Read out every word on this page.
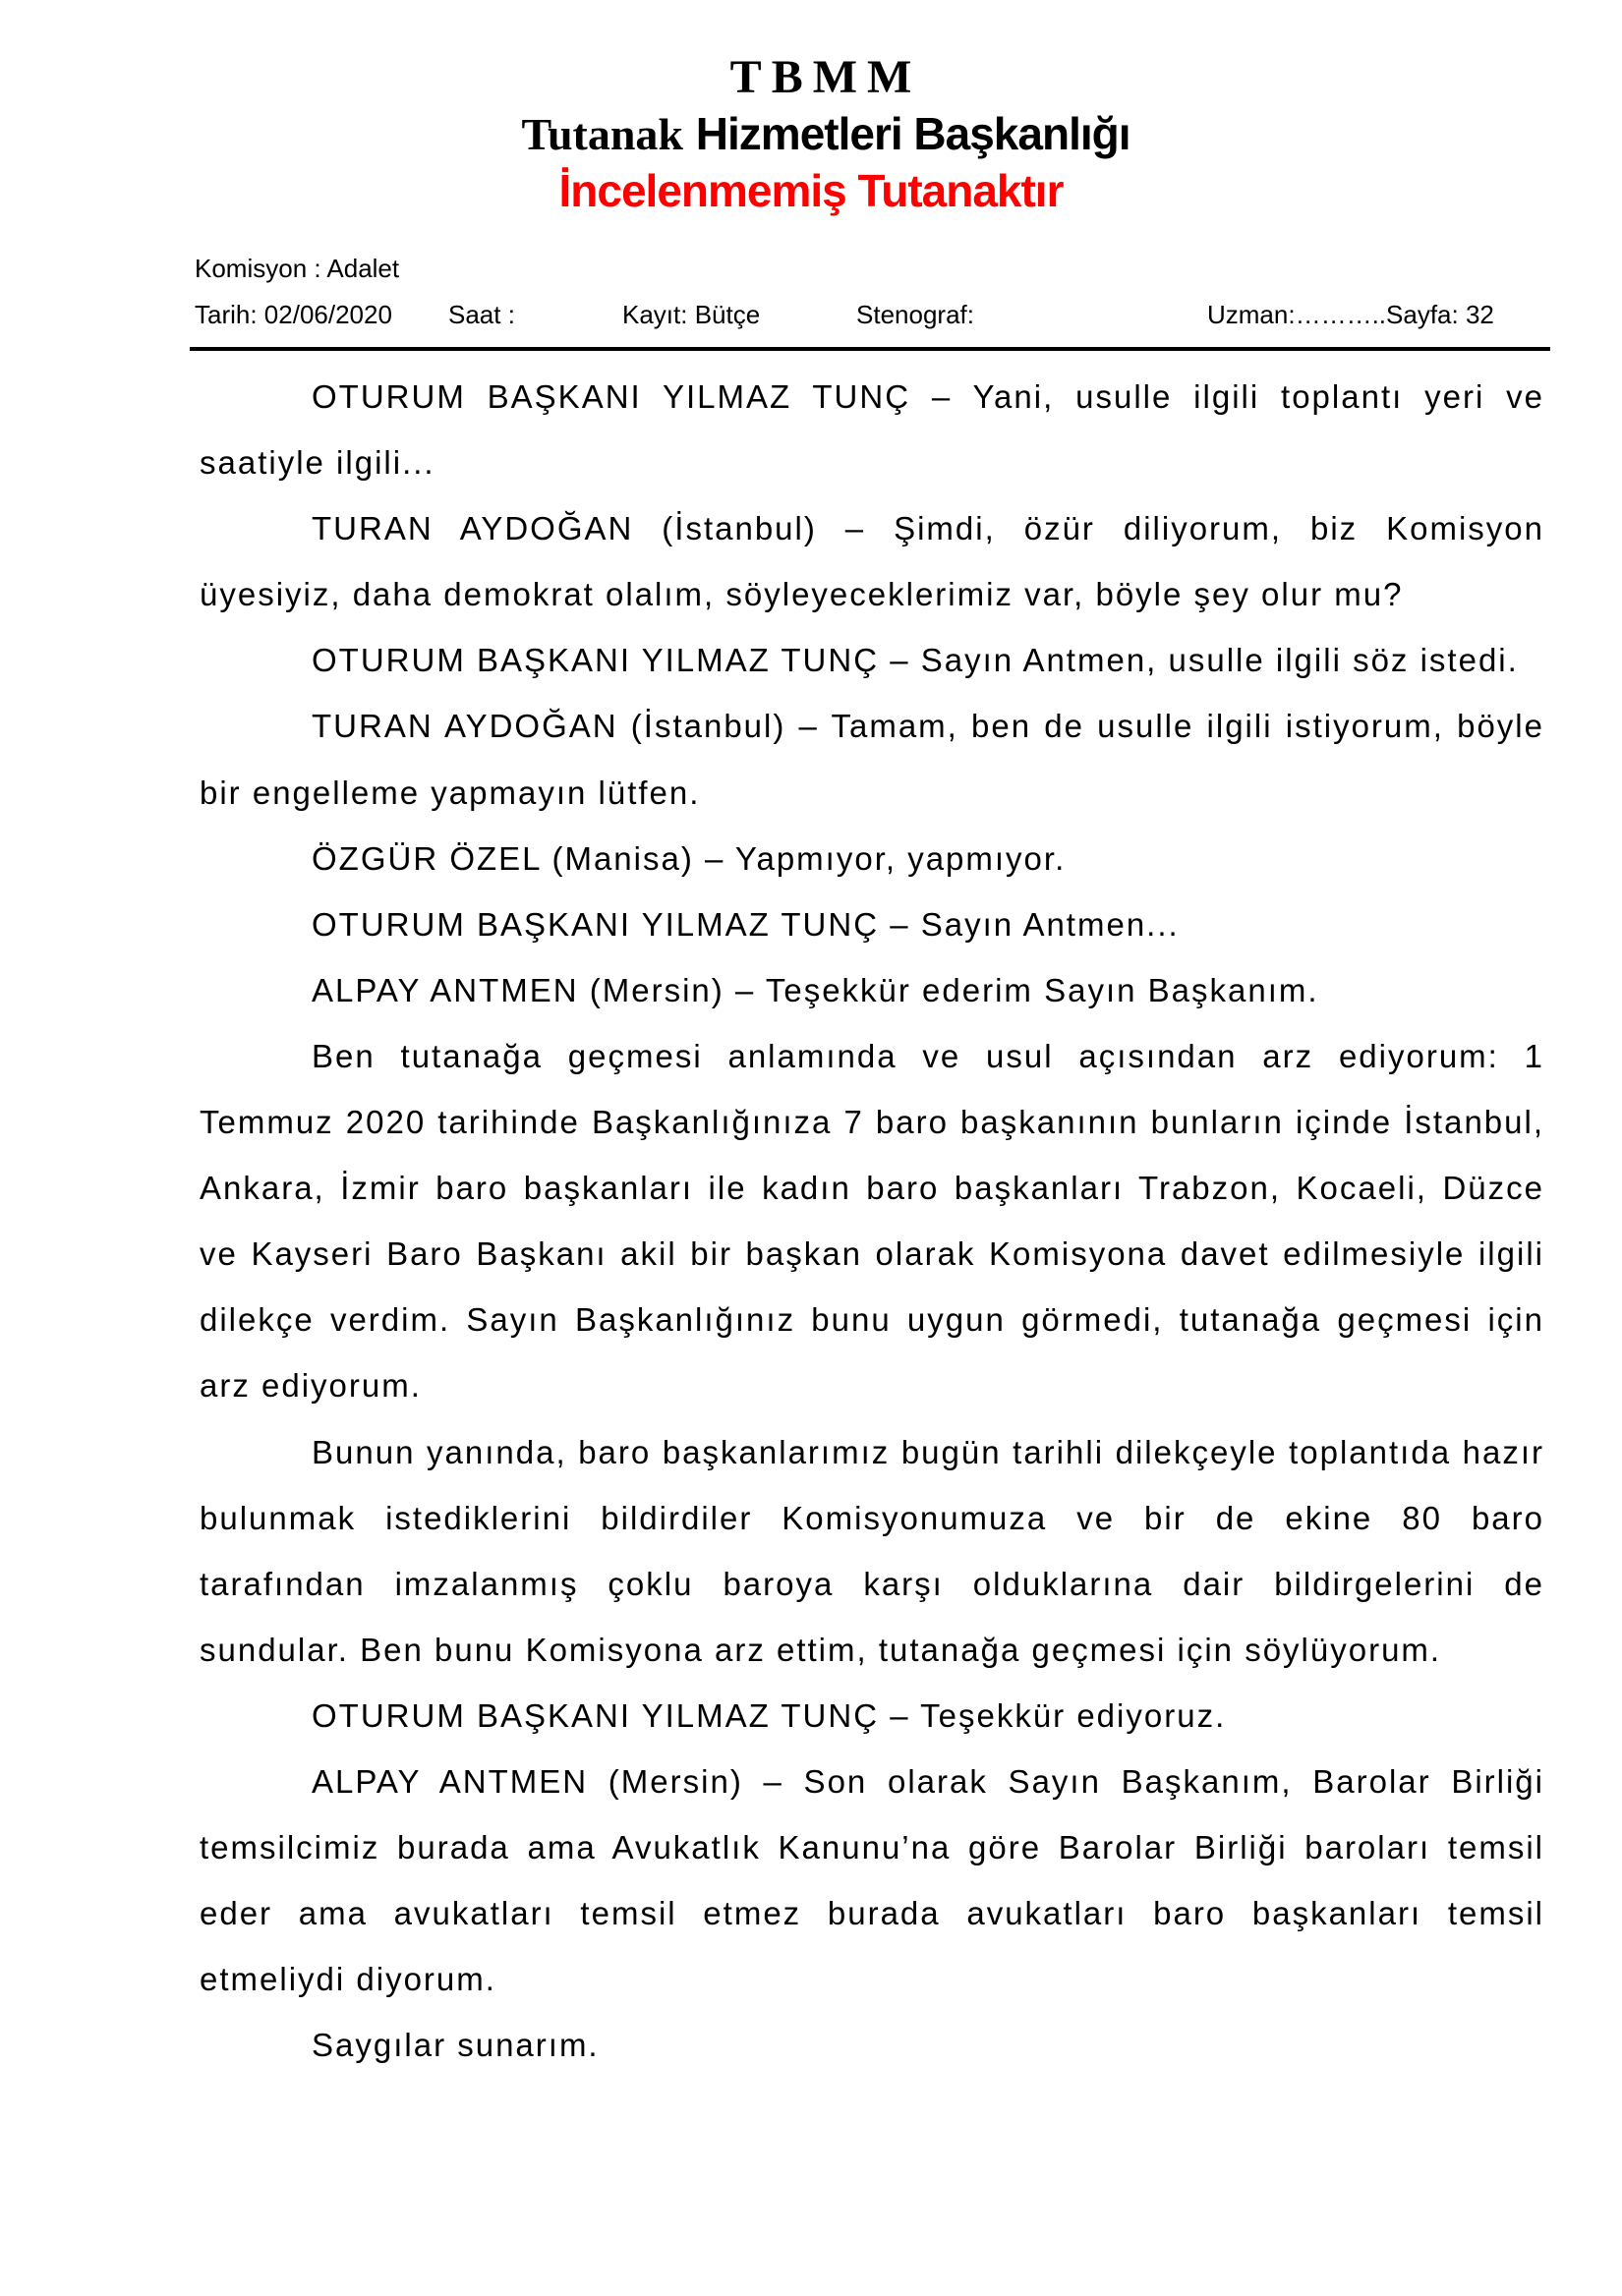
TBMM
Tutanak Hizmetleri Başkanlığı
İncelenmemiş Tutanaktır
Komisyon : Adalet
Tarih: 02/06/2020 Saat :	Kayıt: Bütçe	Stenograf:	Uzman:………..Sayfa: 32

OTURUM BAŞKANI YILMAZ TUNÇ – Yani, usulle ilgili toplantı yeri ve saatiyle ilgili...

TURAN AYDOĞAN (İstanbul) – Şimdi, özür diliyorum, biz Komisyon üyesiyiz, daha demokrat olalım, söyleyeceklerimiz var, böyle şey olur mu?

OTURUM BAŞKANI YILMAZ TUNÇ – Sayın Antmen, usulle ilgili söz istedi.

TURAN AYDOĞAN (İstanbul) – Tamam, ben de usulle ilgili istiyorum, böyle bir engelleme yapmayın lütfen.

ÖZGÜR ÖZEL (Manisa) – Yapmıyor, yapmıyor.

OTURUM BAŞKANI YILMAZ TUNÇ – Sayın Antmen...

ALPAY ANTMEN (Mersin) – Teşekkür ederim Sayın Başkanım.

Ben tutanağa geçmesi anlamında ve usul açısından arz ediyorum: 1 Temmuz 2020 tarihinde Başkanlığınıza 7 baro başkanının bunların içinde İstanbul, Ankara, İzmir baro başkanları ile kadın baro başkanları Trabzon, Kocaeli, Düzce ve Kayseri Baro Başkanı akil bir başkan olarak Komisyona davet edilmesiyle ilgili dilekçe verdim. Sayın Başkanlığınız bunu uygun görmedi, tutanağa geçmesi için arz ediyorum.

Bunun yanında, baro başkanlarımız bugün tarihli dilekçeyle toplantıda hazır bulunmak istediklerini bildirdiler Komisyonumuza ve bir de ekine 80 baro tarafından imzalanmış çoklu baroya karşı olduklarına dair bildirgelerini de sundular. Ben bunu Komisyona arz ettim, tutanağa geçmesi için söylüyorum.

OTURUM BAŞKANI YILMAZ TUNÇ – Teşekkür ediyoruz.

ALPAY ANTMEN (Mersin) – Son olarak Sayın Başkanım, Barolar Birliği temsilcimiz burada ama Avukatlık Kanunu’na göre Barolar Birliği baroları temsil eder ama avukatları temsil etmez burada avukatları baro başkanları temsil etmeliydi diyorum.

Saygılar sunarım.
